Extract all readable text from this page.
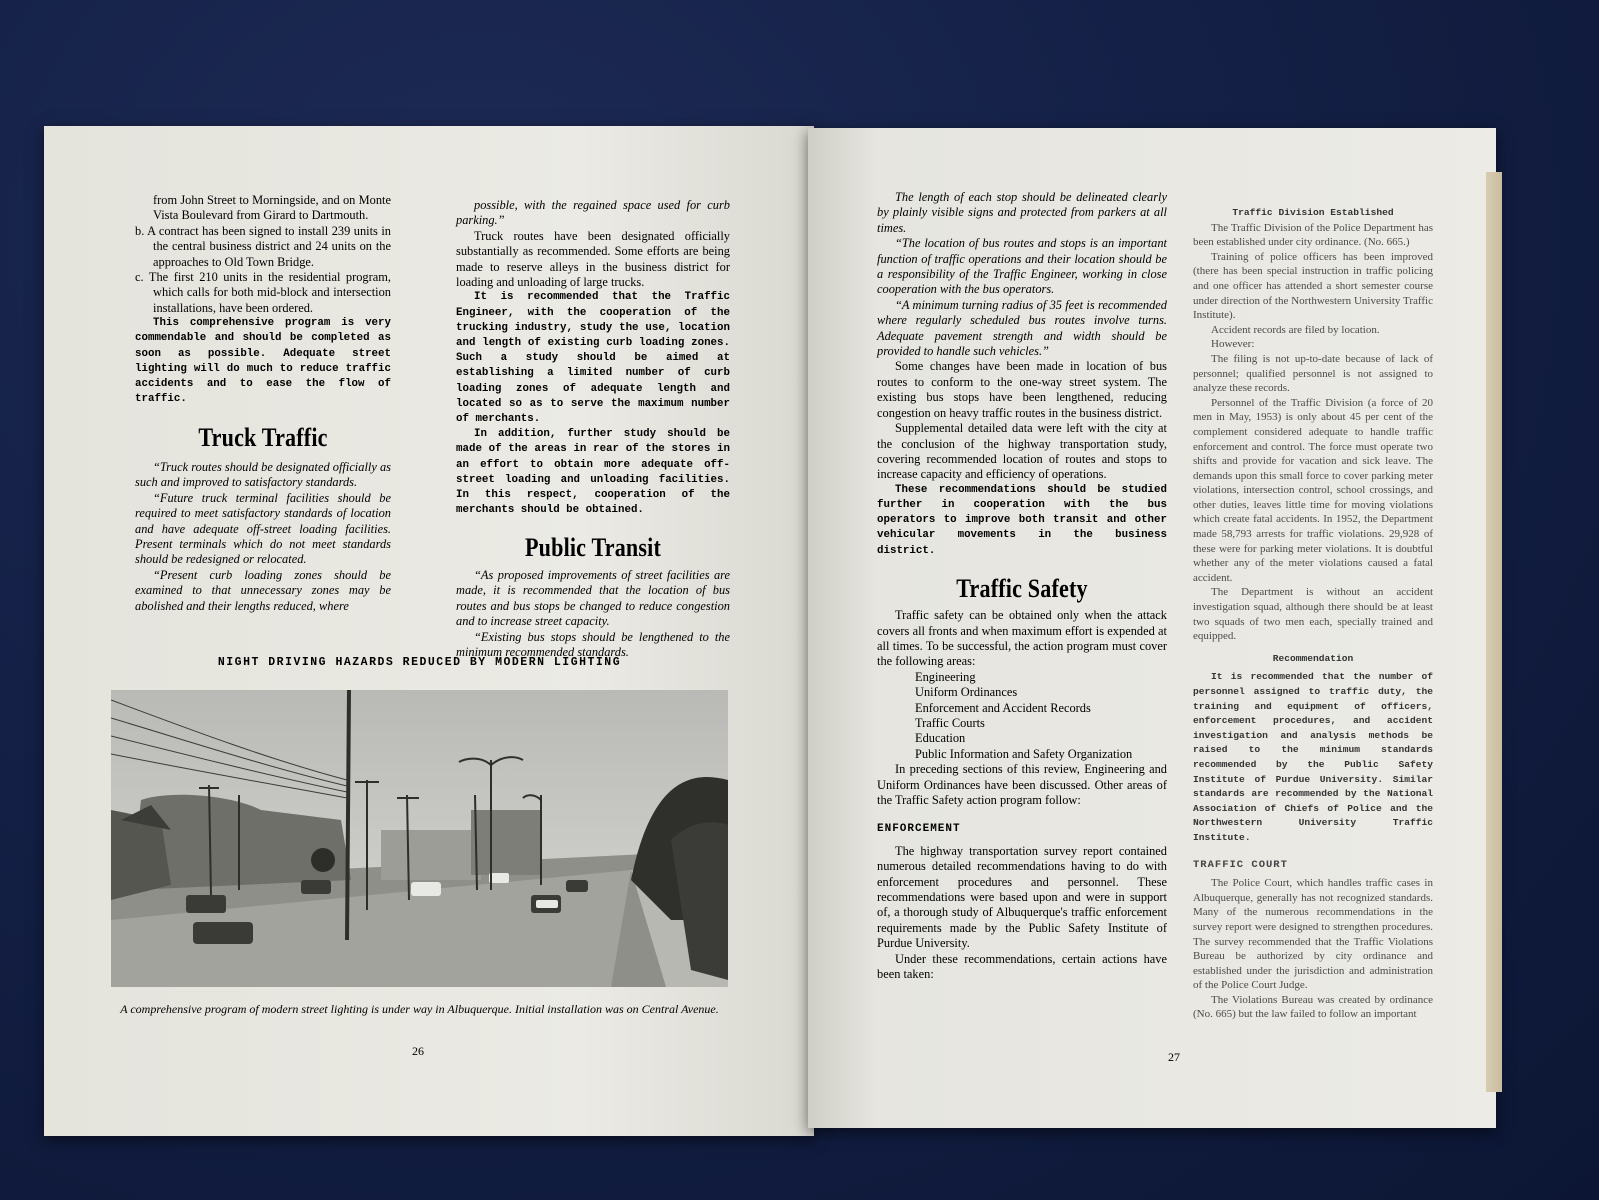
from John Street to Morningside, and on Monte Vista Boulevard from Girard to Dartmouth.

b. A contract has been signed to install 239 units in the central business district and 24 units on the approaches to Old Town Bridge.

c. The first 210 units in the residential program, which calls for both mid-block and intersection installations, have been ordered.

This comprehensive program is very commendable and should be completed as soon as possible. Adequate street lighting will do much to reduce traffic accidents and to ease the flow of traffic.

Truck Traffic

“Truck routes should be designated officially as such and improved to satisfactory standards.

“Future truck terminal facilities should be required to meet satisfactory standards of location and have adequate off-street loading facilities. Present terminals which do not meet standards should be redesigned or relocated.

“Present curb loading zones should be examined to that unnecessary zones may be abolished and their lengths reduced, where

possible, with the regained space used for curb parking.”

Truck routes have been designated officially substantially as recommended. Some efforts are being made to reserve alleys in the business district for loading and unloading of large trucks.

It is recommended that the Traffic Engineer, with the cooperation of the trucking industry, study the use, location and length of existing curb loading zones. Such a study should be aimed at establishing a limited number of curb loading zones of adequate length and located so as to serve the maximum number of merchants.

In addition, further study should be made of the areas in rear of the stores in an effort to obtain more adequate off-street loading and unloading facilities. In this respect, cooperation of the merchants should be obtained.

Public Transit

“As proposed improvements of street facilities are made, it is recommended that the location of bus routes and bus stops be changed to reduce congestion and to increase street capacity.

“Existing bus stops should be lengthened to the minimum recommended standards.

NIGHT DRIVING HAZARDS REDUCED BY MODERN LIGHTING
A comprehensive program of modern street lighting is under way in Albuquerque. Initial installation was on Central Avenue.
26

The length of each stop should be delineated clearly by plainly visible signs and protected from parkers at all times.

“The location of bus routes and stops is an important function of traffic operations and their location should be a responsibility of the Traffic Engineer, working in close cooperation with the bus operators.

“A minimum turning radius of 35 feet is recommended where regularly scheduled bus routes involve turns. Adequate pavement strength and width should be provided to handle such vehicles.”

Some changes have been made in location of bus routes to conform to the one-way street system. The existing bus stops have been lengthened, reducing congestion on heavy traffic routes in the business district.

Supplemental detailed data were left with the city at the conclusion of the highway transportation study, covering recommended location of routes and stops to increase capacity and efficiency of operations.

These recommendations should be studied further in cooperation with the bus operators to improve both transit and other vehicular movements in the business district.

Traffic Safety

Traffic safety can be obtained only when the attack covers all fronts and when maximum effort is expended at all times. To be successful, the action program must cover the following areas:

Engineering

Uniform Ordinances

Enforcement and Accident Records

Traffic Courts

Education

Public Information and Safety Organization

In preceding sections of this review, Engineering and Uniform Ordinances have been discussed. Other areas of the Traffic Safety action program follow:

ENFORCEMENT

The highway transportation survey report contained numerous detailed recommendations having to do with enforcement procedures and personnel. These recommendations were based upon and were in support of, a thorough study of Albuquerque's traffic enforcement requirements made by the Public Safety Institute of Purdue University.

Under these recommendations, certain actions have been taken:

Traffic Division Established

The Traffic Division of the Police Department has been established under city ordinance. (No. 665.)

Training of police officers has been improved (there has been special instruction in traffic policing and one officer has attended a short semester course under direction of the Northwestern University Traffic Institute).

Accident records are filed by location.

However:

The filing is not up-to-date because of lack of personnel; qualified personnel is not assigned to analyze these records.

Personnel of the Traffic Division (a force of 20 men in May, 1953) is only about 45 per cent of the complement considered adequate to handle traffic enforcement and control. The force must operate two shifts and provide for vacation and sick leave. The demands upon this small force to cover parking meter violations, intersection control, school crossings, and other duties, leaves little time for moving violations which create fatal accidents. In 1952, the Department made 58,793 arrests for traffic violations. 29,928 of these were for parking meter violations. It is doubtful whether any of the meter violations caused a fatal accident.

The Department is without an accident investigation squad, although there should be at least two squads of two men each, specially trained and equipped.

Recommendation

It is recommended that the number of personnel assigned to traffic duty, the training and equipment of officers, enforcement procedures, and accident investigation and analysis methods be raised to the minimum standards recommended by the Public Safety Institute of Purdue University. Similar standards are recommended by the National Association of Chiefs of Police and the Northwestern University Traffic Institute.

TRAFFIC COURT

The Police Court, which handles traffic cases in Albuquerque, generally has not recognized standards. Many of the numerous recommendations in the survey report were designed to strengthen procedures. The survey recommended that the Traffic Violations Bureau be authorized by city ordinance and established under the jurisdiction and administration of the Police Court Judge.

The Violations Bureau was created by ordinance (No. 665) but the law failed to follow an important

27
